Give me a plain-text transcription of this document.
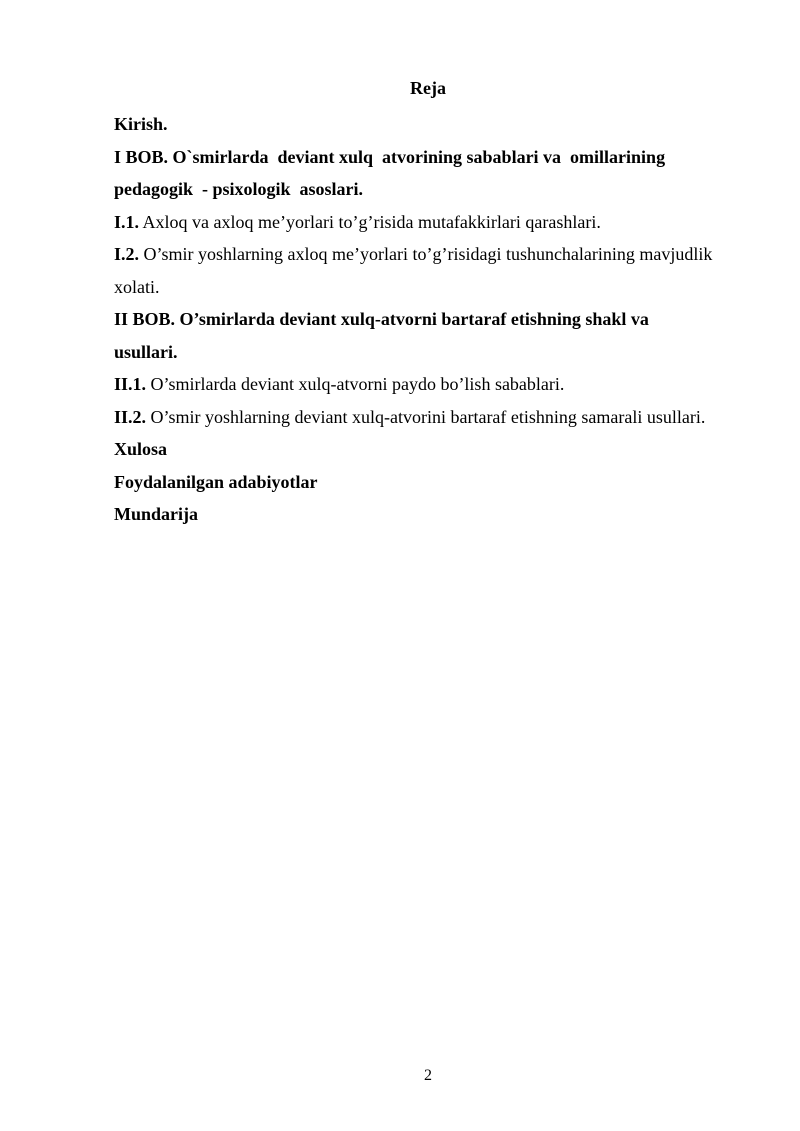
Reja

Kirish.

I BOB. O`smirlarda  deviant xulq  atvorining sabablari va  omillarining

pedagogik  - psixologik  asoslari.

I.1. Axloq va axloq me’yorlari to’g’risida mutafakkirlari qarashlari.

I.2. O’smir yoshlarning axloq me’yorlari to’g’risidagi tushunchalarining mavjudlik

xolati.

II BOB. O’smirlarda deviant xulq-atvorni bartaraf etishning shakl va

usullari.

II.1. O’smirlarda deviant xulq-atvorni paydo bo’lish sabablari.

II.2. O’smir yoshlarning deviant xulq-atvorini bartaraf etishning samarali usullari.

Xulosa

Foydalanilgan adabiyotlar

Mundarija

2
